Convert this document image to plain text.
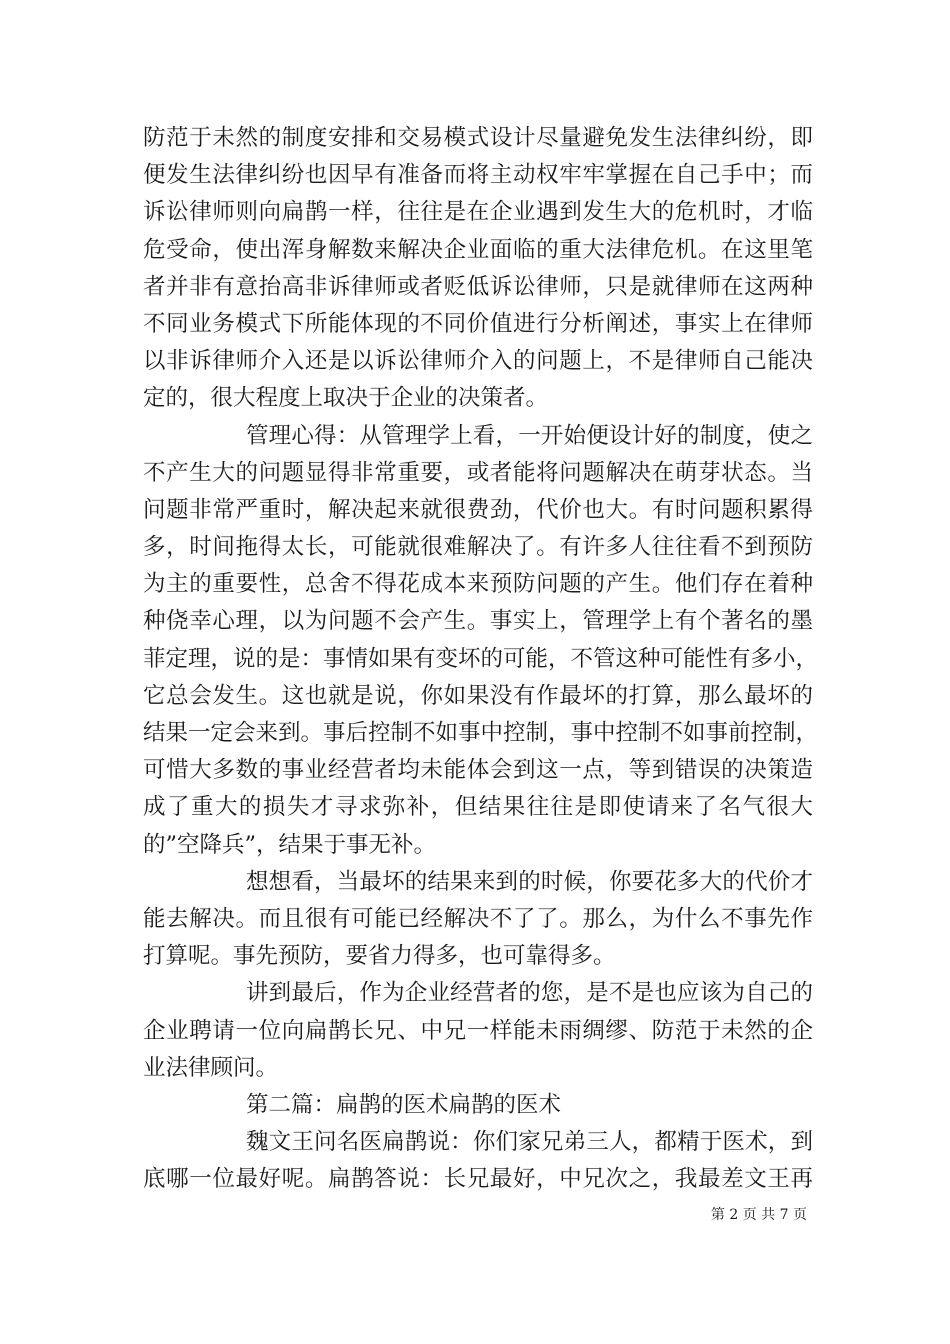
防范于未然的制度安排和交易模式设计尽量避免发生法律纠纷，即
便发生法律纠纷也因早有准备而将主动权牢牢掌握在自己手中；而
诉讼律师则向扁鹊一样，往往是在企业遇到发生大的危机时，才临
危受命，使出浑身解数来解决企业面临的重大法律危机。在这里笔
者并非有意抬高非诉律师或者贬低诉讼律师，只是就律师在这两种
不同业务模式下所能体现的不同价值进行分析阐述，事实上在律师
以非诉律师介入还是以诉讼律师介入的问题上，不是律师自己能决
定的，很大程度上取决于企业的决策者。

管理心得：从管理学上看，一开始便设计好的制度，使之
不产生大的问题显得非常重要，或者能将问题解决在萌芽状态。当
问题非常严重时，解决起来就很费劲，代价也大。有时问题积累得
多，时间拖得太长，可能就很难解决了。有许多人往往看不到预防
为主的重要性，总舍不得花成本来预防问题的产生。他们存在着种
种侥幸心理，以为问题不会产生。事实上，管理学上有个著名的墨
菲定理，说的是：事情如果有变坏的可能，不管这种可能性有多小，
它总会发生。这也就是说，你如果没有作最坏的打算，那么最坏的
结果一定会来到。事后控制不如事中控制，事中控制不如事前控制，
可惜大多数的事业经营者均未能体会到这一点，等到错误的决策造
成了重大的损失才寻求弥补，但结果往往是即使请来了名气很大
的”空降兵”，结果于事无补。

想想看，当最坏的结果来到的时候，你要花多大的代价才
能去解决。而且很有可能已经解决不了了。那么，为什么不事先作
打算呢。事先预防，要省力得多，也可靠得多。

讲到最后，作为企业经营者的您，是不是也应该为自己的
企业聘请一位向扁鹊长兄、中兄一样能未雨绸缪、防范于未然的企
业法律顾问。

第二篇：扁鹊的医术扁鹊的医术

魏文王问名医扁鹊说：你们家兄弟三人，都精于医术，到
底哪一位最好呢。扁鹊答说：长兄最好，中兄次之，我最差文王再

第 2 页 共 7 页
